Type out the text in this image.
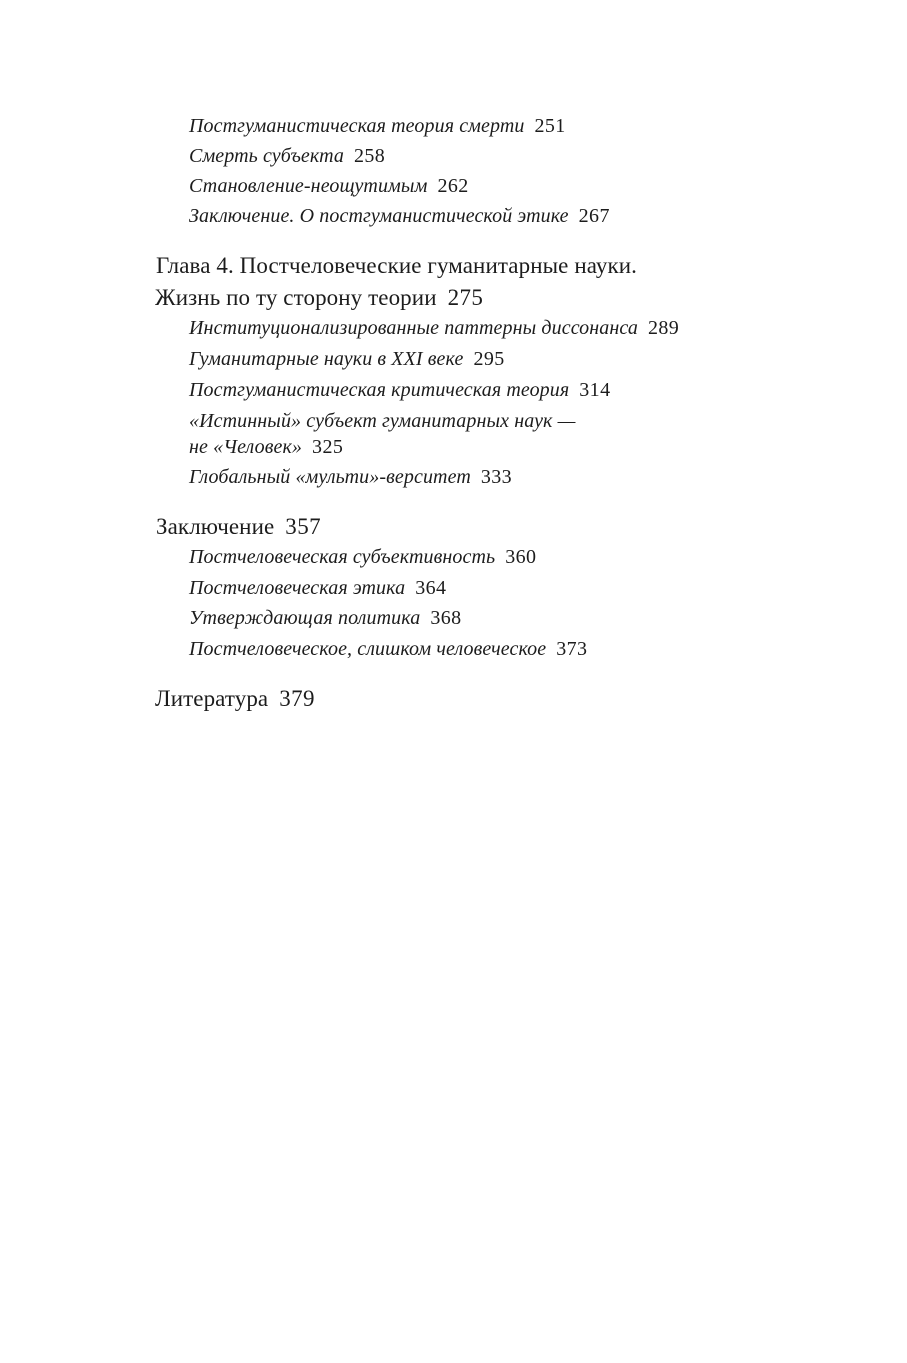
Постгуманистическая теория смерти 251
Смерть субъекта 258
Становление-неощутимым 262
Заключение. О постгуманистической этике 267
Глава 4. Постчеловеческие гуманитарные науки.
Жизнь по ту сторону теории 275
Институционализированные паттерны диссонанса 289
Гуманитарные науки в XXI веке 295
Постгуманистическая критическая теория 314
«Истинный» субъект гуманитарных наук —
не «Человек» 325
Глобальный «мульти»-верситет 333
Заключение 357
Постчеловеческая субъективность 360
Постчеловеческая этика 364
Утверждающая политика 368
Постчеловеческое, слишком человеческое 373
Литература 379
